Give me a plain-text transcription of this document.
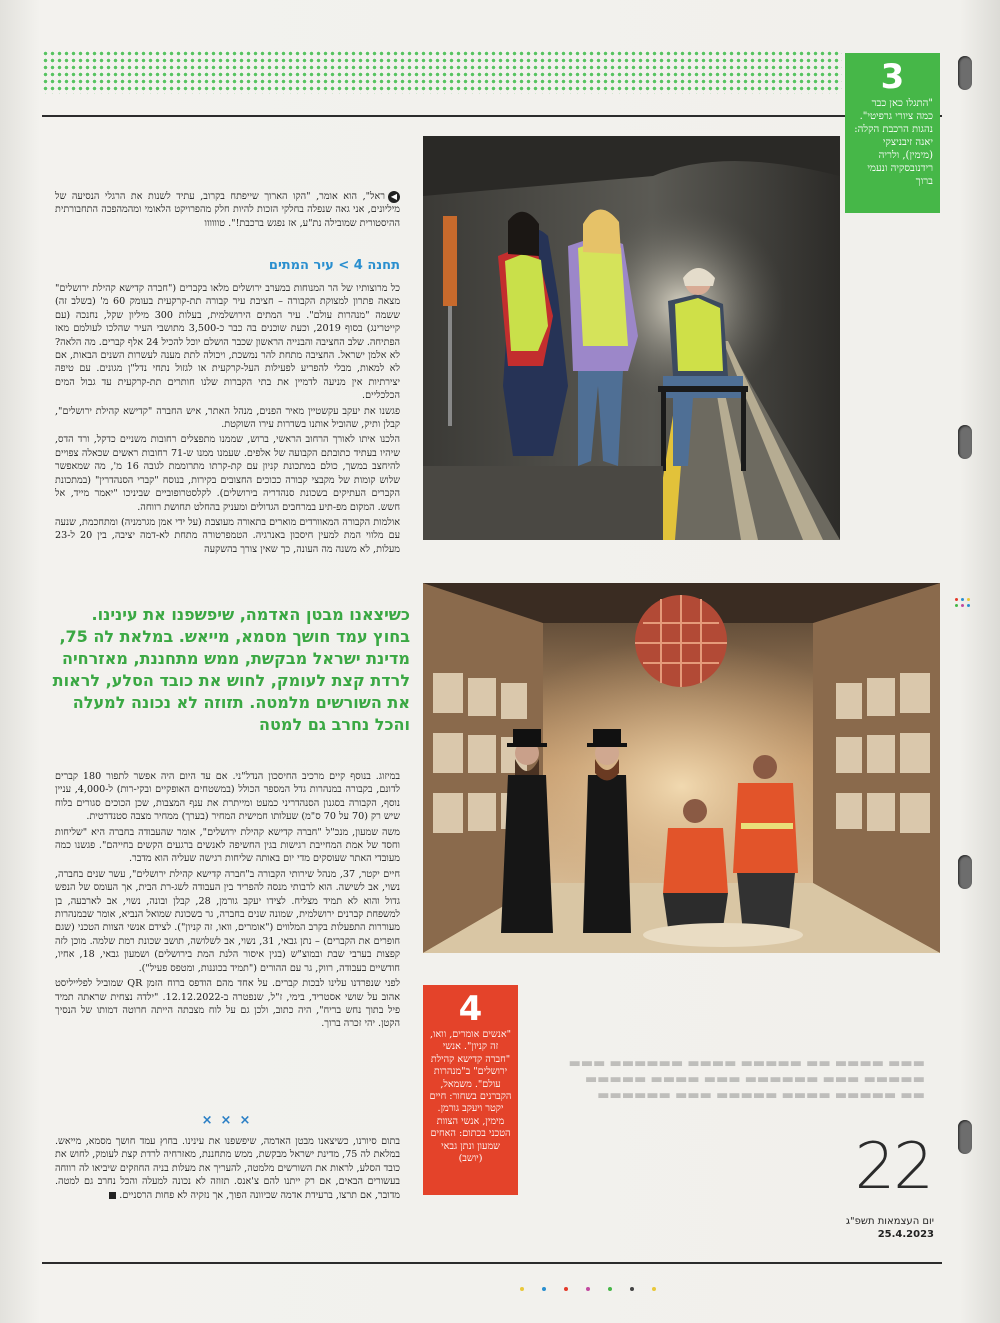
3
"התגלו כאן כבר כמה ציורי גרפיטי". נהגות הרכבת הקלה: יאנה זיבניצקי (מימין), ולריה רידנובסקיה ונעמי ברוך
4
"אנשים אומרים, וואו, זה קניון". אנשי "חברה קדישא קהילת ירושלים" ב"מנהרות עולם". משמאל, הקברנים בשחור: חיים יקטר ויעקב גורמן. מימין, אנשי הצוות הטכני בכתום: האחים שמעון ונתן גבאי (יושב)

◀ראל", הוא אומר, "הקו הארוך שייפתח בקרוב, עתיד לשנות את הרגלי הנסיעה של מיליונים, אני גאה שנפלה בחלקי הזכות להיות חלק מהפרויקט הלאומי ומהמהפכה התחבורתית ההיסטורית שמובילה נת"ע, אז נפגש ברכבת!". טוווווו

תחנה 4 > עיר המתים

כל מרוצותיו של הר המנוחות במערב ירושלים מלאו בקברים ("חברה קדישא קהילת ירושלים" מצאה פתרון למצוקת הקבורה – חציבת עיר קבורה תת-קרקעית בעומק 60 מ' (בשלב זה) ששמה "מנהרות עולם". עיר המתים הירושלמית, בעלות 300 מיליון שקל, נחנכה (עם קייטרינג) בסוף 2019, וכעת שוכנים בה כבר כ-3,500 מתושבי העיר שהלכו לעולמם מאז הפתיחה. שלב החציבה והבנייה הראשון שכבר הושלם יוכל להכיל 24 אלף קברים. מה הלאה? לא אלמן ישראל. החציבה מתחת להר נמשכת, ויכולה לתת מענה לעשרות השנים הבאות, אם לא למאות, מבלי להפריע לפעילות העל-קרקעית או לגזול נתחי נדל"ן מגונים. עם טיפה יצירתיות אין מניעה לדמיין את בתי הקברות שלנו חותרים תת-קרקעית עד גבול המים הכלכליים.

פגשנו את יעקב עקשטיין מאיר הפנים, מנהל האתר, איש החברה "קדישא קהילת ירושלים", קבלן ותיק, שהוביל אותנו בשדרות עירו השוקטת.

הלכנו איתו לאורך הרחוב הראשי, ברוש, שממנו מתפצלים רחובות משניים כדקל, ורד הדס, שיהיו בעתיד כתובתם הקבועה של אלפים. שעמנו ממנו ש-71 רחובות ראשים שכאלה צפויים להיחצב במשך, כולם במתכונת קניון עם קת-קרתו מתרוממת לגובה 16 מ', מה שמאפשר שלוש קומות של מקבצי קבורה ככוכים החצובים בקירות, בנוסח "קברי הסנהדרין" (במתכונת הקברים העתיקים בשכונת סנהדריה בירושלים). לקלסטרופוביים שביניכו "יאמר מייד, אל חשש. המקום מפ-תיע במרחבים הגדולים ומעניק בהחלט תחושת רווחה.

אולמות הקבורה המאוורדים מוארים בתאורה מעוצבת (על ידי אמן מגרמניה) ומתחכמת, שנעה עם מלווי המת למעין חיסכון באנרגיה. הטמפרטורה מתחת לא-דמה יציבה, בין 20 ל-23 מעלות, לא משנה מה העונה, כך שאין צורך בהשקעה

כשיצאנו מבטן האדמה, שיפשפנו את עינינו. בחוץ עמד חושך מסמא, מייאש. במלאת לה 75, מדינת ישראל מבקשת, ממש מתחננת, מאזרחיה לרדת קצת לעומק, לחוש את כובד הסלע, לראות את השורשים מלמטה. תזוזה לא נכונה למעלה והכל נחרב גם למטה

במיזוג. בנוסף קיים מרכיב החיסכון הנדל"ני. אם עד היום היה אפשר לתפור 180 קברים לדונם, בקבורה במנהרות גדל המספר הכולל (במשטחים האופקיים ובקי-רות) ל-4,000, עניין נוסף, הקבורה בסגנון הסנהדריני כמעט ומייתרת את ענף המצבות, שכן הכוכים סגורים בלוח שיש רק (70 על 70 ס"מ) שעלותו חמישית המחיר (בערך) ממחיר מצבה סטנדרטית.

משה שמעון, מנכ"ל "חברה קדישא קהילת ירושלים", אומר שהעבודה בחברה היא "שליחות וחסד של אמת המחייבת רגישות בגין החשיפה לאנשים ברגעים הקשים בחייהם". פגשנו כמה מעובדי האתר שעוסקים מדי יום באותה שליחות רגישה שעליה הוא מדבר.

חיים יקטר, 37, מנהל שירותי הקבורה ב"חברה קדישא קהילת ירושלים", עשר שנים בחברה, נשוי, אב לשישה. הוא לרבותי מנסה להפריד בין העבודה לשג-רת הבית, אך העומס של הנפש גדול והוא לא תמיד מצליח. לצידו יעקב גורמן, 28, קבלן ובונה, נשוי, אב לארבעה, בן למשפחת קברנים ירושלמית, שמונה שנים בחברה, גר בשכונת שמואל הנביא, אומר שבמנהרות מעוררות התפעלות בקרב המלווים ("אומרים, וואו, זה קניון"). לצידם אנשי הצוות הטכני (שגם חופרים את הקברים) – נתן גבאי, 31, נשוי, אב לשלושה, תושב שכונת רמת שלמה. מוכן לזה קפצות בערבי שבת ובמוצ"ש (בגין איסור הלנת המת בירושלים) ושמעון גבאי, 18, אחיו, חודשיים בעבודה, רווק, גר עם ההורים ("תמיד בכוננות, ומטפס פעיל").

לפני שנפרדנו עלינו לבכות קברים. על אחד מהם הודפס ברוח הזמן QR שמוביל לפלייליסט אהוב על שושי אסטריד, בימי, ז"ל, שנפטרה ב-12.12.2022. "ילדה נצחית שראתה תמיד פיל בתוך נחש בריח", היה כתוב, ולכן גם על לוח מצבתה הייתה חרוטה דמותו של הנסיך הקטן. יהי זכרה ברוך.

×××

בתום סיורנו, כשיצאנו מבטן האדמה, שיפשפנו את עינינו. בחוץ עמד חושך מסמא, מייאש. במלאת לה 75, מדינת ישראל מבקשת, ממש מתחננת, מאזרחיה לרדת קצת לעומק, לחוש את כובד הסלע, לראות את השורשים מלמטה, להעריך את מעלות בניה החוזקים שיביאו לה רווחה בעשורים הבאים, אם רק ייתנו להם צ'אנס. תזוזה לא נכונה למעלה והכל נחרב גם למטה. מדובר, אם תרצו, ברעידת אדמה שכיוונה הפוך, אך נזקיה לא פחות הרסניים.

▬▬▬ ▬▬▬▬ ▬▬ ▬▬▬▬▬ ▬▬▬▬ ▬▬▬▬▬▬ ▬▬▬
▬▬▬▬▬ ▬▬▬ ▬▬▬▬▬▬ ▬▬▬ ▬▬▬▬ ▬▬▬▬▬
▬▬ ▬▬▬▬▬ ▬▬▬▬ ▬▬▬▬▬ ▬▬▬ ▬▬▬▬▬▬
22
יום העצמאות תשפ"ג
25.4.2023
